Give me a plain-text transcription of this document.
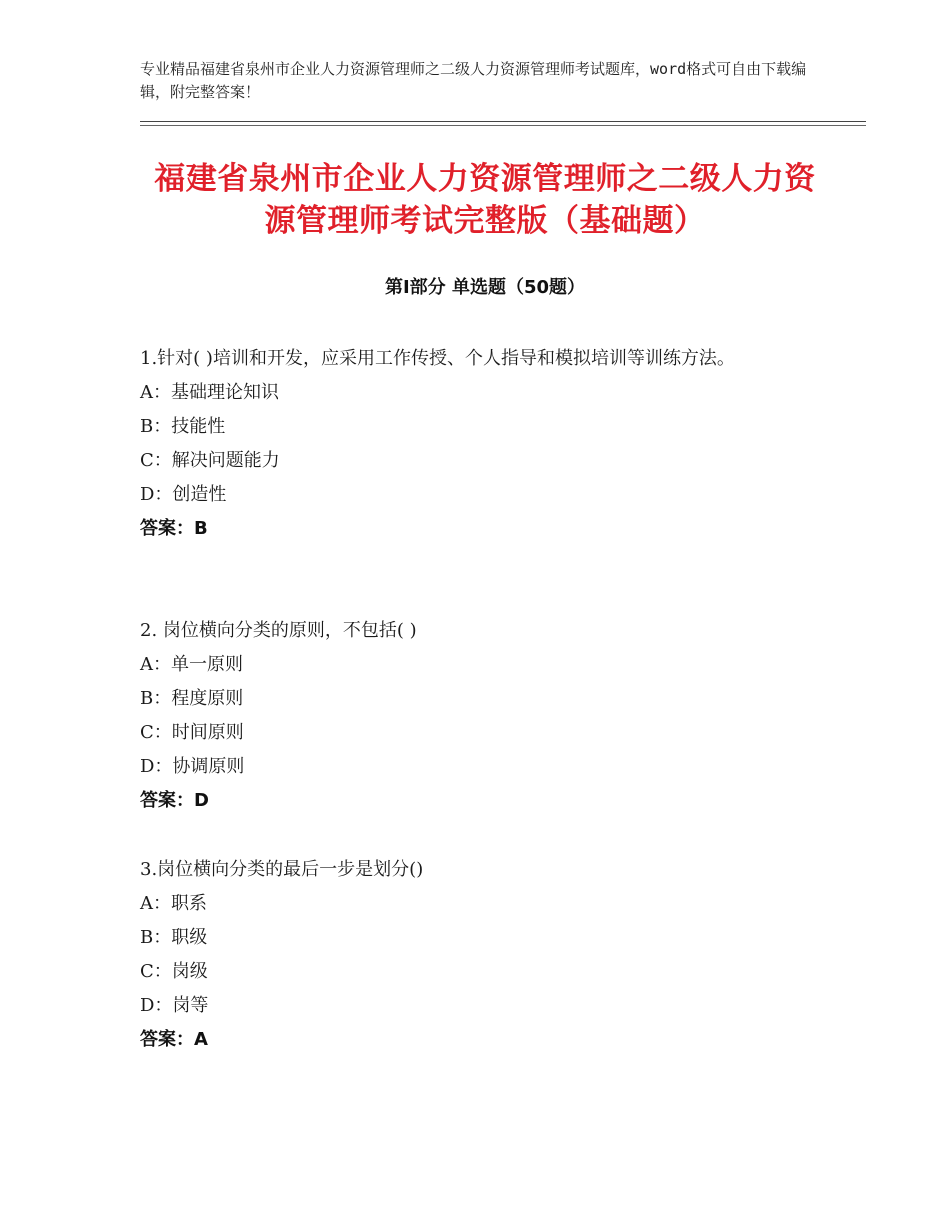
专业精品福建省泉州市企业人力资源管理师之二级人力资源管理师考试题库，word格式可自由下载编辑，附完整答案！
福建省泉州市企业人力资源管理师之二级人力资源管理师考试完整版（基础题）
第I部分 单选题（50题）

1.针对( )培训和开发，应采用工作传授、个人指导和模拟培训等训练方法。

A：基础理论知识

B：技能性

C：解决问题能力

D：创造性

答案：B

2. 岗位横向分类的原则，不包括( )

A：单一原则

B：程度原则

C：时间原则

D：协调原则

答案：D

3.岗位横向分类的最后一步是划分()

A：职系

B：职级

C：岗级

D：岗等

答案：A
